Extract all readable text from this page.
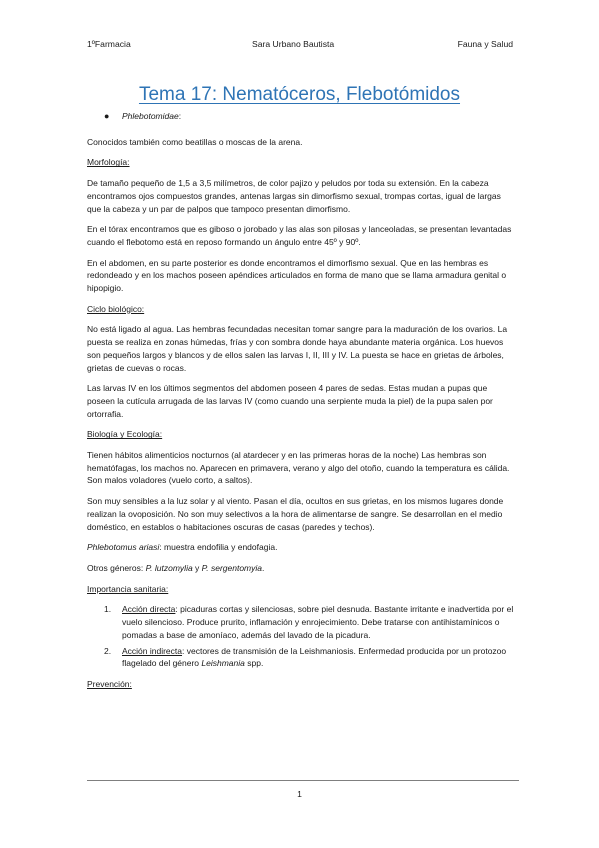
1ºFarmacia	Sara Urbano Bautista	Fauna y Salud
Tema 17: Nematóceros, Flebotómidos
● Phlebotomidae:

Conocidos también como beatillas o moscas de la arena.

Morfología:

De tamaño pequeño de 1,5 a 3,5 milímetros, de color pajizo y peludos por toda su extensión. En la cabeza encontramos ojos compuestos grandes, antenas largas sin dimorfismo sexual, trompas cortas, igual de largas que la cabeza y un par de palpos que tampoco presentan dimorfismo.

En el tórax encontramos que es giboso o jorobado y las alas son pilosas y lanceoladas, se presentan levantadas cuando el flebotomo está en reposo formando un ángulo entre 45º y 90º.

En el abdomen, en su parte posterior es donde encontramos el dimorfismo sexual. Que en las hembras es redondeado y en los machos poseen apéndices articulados en forma de mano que se llama armadura genital o hipopigio.

Ciclo biológico:

No está ligado al agua. Las hembras fecundadas necesitan tomar sangre para la maduración de los ovarios. La puesta se realiza en zonas húmedas, frías y con sombra donde haya abundante materia orgánica. Los huevos son pequeños largos y blancos y de ellos salen las larvas I, II, III y IV. La puesta se hace en grietas de árboles, grietas de cuevas o rocas.

Las larvas IV en los últimos segmentos del abdomen poseen 4 pares de sedas. Estas mudan a pupas que poseen la cutícula arrugada de las larvas IV (como cuando una serpiente muda la piel) de la pupa salen por ortorrafia.

Biología y Ecología:

Tienen hábitos alimenticios nocturnos (al atardecer y en las primeras horas de la noche) Las hembras son hematófagas, los machos no. Aparecen en primavera, verano y algo del otoño, cuando la temperatura es cálida. Son malos voladores (vuelo corto, a saltos).

Son muy sensibles a la luz solar y al viento. Pasan el día, ocultos en sus grietas, en los mismos lugares donde realizan la ovoposición. No son muy selectivos a la hora de alimentarse de sangre. Se desarrollan en el medio doméstico, en establos o habitaciones oscuras de casas (paredes y techos).

Phlebotomus ariasi: muestra endofilia y endofagia.

Otros géneros: P. lutzomylia y P. sergentomyia.

Importancia sanitaria:

1. Acción directa: picaduras cortas y silenciosas, sobre piel desnuda. Bastante irritante e inadvertida por el vuelo silencioso. Produce prurito, inflamación y enrojecimiento. Debe tratarse con antihistamínicos o pomadas a base de amoníaco, además del lavado de la picadura.
2. Acción indirecta: vectores de transmisión de la Leishmaniosis. Enfermedad producida por un protozoo flagelado del género Leishmania spp.

Prevención:

1
